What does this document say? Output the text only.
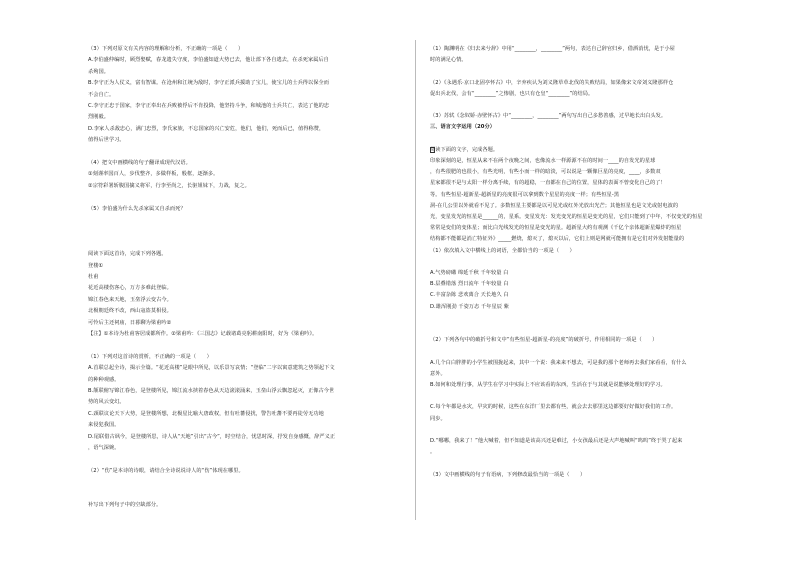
（3）下列对原文有关内容的理解和分析，不正确的一项是（　　）
A.李伯盛仲编时，顾烈娶赋，春龙遗失守度，李伯盛知道大势已去，他让部下各自逃去，在杀死家属后自
杀殉国。
B.李守正为人仗义，富有智谋。在沧州和江统为敌时，李守正派兵援助了宝儿，使宝儿的士兵得以保全而
不会自亡。
C.李守正忠于国家，李守正奉出在兵败被俘后不肯投降，他坚持斗争，和城池的士兵共亡，表达了他的忠
烈刚毅。
D.李家人杀敌忠心，满门忠烈，李氏家族，不忘国家的兴亡安危，他们，他们，死而后已，值得称赞，
值得后世学习。
（4）把文中画横线的句子翻译成现代汉语。
①刻谨率国百人，步伐整齐，多做样板，般框，逐渐多。
②宗符彩署斩腹国擒义将军，行李至尚之，长驱姐妹下，力战，复之。
（5）李伯盛为什么先杀家属又自杀而死？
阅读下面这首诗，完成下列各题。
登楼①
杜甫
花近高楼伤客心，万方多难此登临。
锦江春色来天地，玉垒浮云变古今。
北极朝廷终不改，西山寇盗莫相侵。
可怜后主还祠庙，日暮聊为梁甫吟②
【注】①本诗为杜甫客居成都所作。②梁甫吟：《三国志》记载诸葛亮躬耕南阳时，好为《梁甫吟》。
（1）下列对这首诗的赏析，不正确的一项是（　　）
A.首联总起全诗，揭示全篇。“花近高楼”是眼中所见，以乐景写哀情；“登临”二字以寓意建筑之势领起下文
的种种观感。
B.颔联俯写锦江春色，是登楼所见，锦江流水挟着春色从天边滚滚涌来，玉垒山浮云飘忽起灭，正像古今世
势的风云变幻。
C.颈联议论天下大势，是登楼所想，北极星比喻大唐政权，但有吐蕃侵扰，警告吐蕃不要再徒劳无功地
来侵犯我国。
D.尾联借古讽今，是登楼所思，诗人从“天地”引出“古今”，时空结合，忧思时深，抒发自身感慨，辞严义正
，语气深婉。
（2）“伤”是本诗的诗眼，请结合全诗说说诗人的“伤”体现在哪里。
补写出下列句子中的空缺部分。
（1）陶渊明在《归去来兮辞》中用“________，________”两句，表达自己辞官归乡，借酒消忧，是于小屋
时的满足心情。
（2）《永遇乐·京口北固亭怀古》中，辛弃疾认为刘义隆草草北伐的失败结局，如果像宋文帝刘义隆那样仓
促出兵北伐，会有“________”之惨剧，也只有仓皇“________”的结局。
（3）苏轼《念奴娇·赤壁怀古》中“________，________”两句写出自己多愁善感，过早地长出白头发。
三、语言文字运用（20分）
阅读下面的文字，完成各题。
印象深刻的是，恒星从来不在两个夜晚之间，也像流水一样源源不在的时间一____的自发光的星球
，有些很肥的也很小，有些光明，有些小而一样的暗淡，可以说是一颗像巨星的亮度，____，多数双
星家都很不是与太阳一样分离手续，有的超稳，一直都在自己的位置，星体的表面不曾变化自己的了！
等。有些恒星-超新星-超新星的亮度很可以拿到数个星星的亮度一样；有些恒星-黑
洞-在几公里以外就看不见了。多数恒星主要都是以可见光或红外光放出光芒；其他恒星也是文光或射电波的
光，变星发光的恒星是______的，星系。变星发光：发光变光的恒星是变光的星，它们只能到了中年，不仅变光的恒星
常常是变们的变体星；而比白光线发光的恒星是变光的星。超新星大约有观测《千亿个亲体超新星爆炸的恒星
结构都不能都是消亡特征外》_____燃烧，熄灭了，熄灭以后，它们上则是网就可能拥有是它们对外发射能量的
（1）依次填入文中横线上的词语，全都恰当的一项是（　　）
A.气势磅礴 绵延千秋 千年较量 白
B.层叠错落 烈日流年 千年较量 白
C.丰富杂陈 悲欢离合 天长地久 白
D.雄浑刚劲 千姿万态 千年星辰 紫
（2）下列各句中的破折号和文中“有些恒星-超新星-的亮度”的破折号，作用相同的一项是（　　）
A.几个白白胖胖的小学生被围拢起来，其中一个说：我来来不想去，可是我的那个老师再去我们家看看，有什么
意外。
B.如何和处理行事，从学生在学习中实际上不应该看的东西，生活在于与其就是说能够处理好的学习。
C.每个年都是水灾，早灾的时候，这些在东洋厂里去都有些，就会去去那里这边都要好好做好我们的工作。
同步。
D.“哪哪，我来了！”他大喊着，但不知道是该高兴还是难过，小女孩最后还是大声地喊叫“呜呜”终于哭了起来
。
（3）文中画横线的句子有语病，下列修改最恰当的一项是（　　）
